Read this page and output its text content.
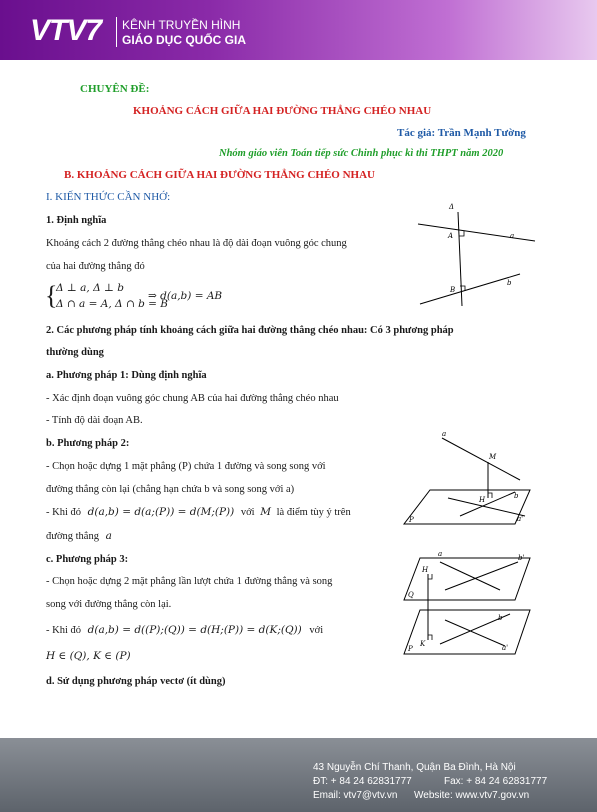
VTV7 KÊNH TRUYỀN HÌNH
GIÁO DỤC QUỐC GIA
CHUYÊN ĐỀ:
KHOẢNG CÁCH GIỮA HAI ĐƯỜNG THẲNG CHÉO NHAU
Tác giả: Trần Mạnh Tường
Nhóm giáo viên Toán tiếp sức Chinh phục kì thi THPT năm 2020
B. KHOẢNG CÁCH GIỮA HAI ĐƯỜNG THẲNG CHÉO NHAU
I. KIẾN THỨC CẦN NHỚ:
1. Định nghĩa
Khoảng cách 2 đường thẳng chéo nhau là độ dài đoạn vuông góc chung
của hai đường thẳng đó
{
Δ ⊥ a, Δ ⊥ b
Δ ∩ a = A, Δ ∩ b = B
⇒ d(a,b) = AB
2. Các phương pháp tính khoảng cách giữa hai đường thẳng chéo nhau: Có 3 phương pháp
thường dùng
a. Phương pháp 1: Dùng định nghĩa
- Xác định đoạn vuông góc chung AB của hai đường thẳng chéo nhau
- Tính độ dài đoạn AB.
b. Phương pháp 2:
- Chọn hoặc dựng 1 mặt phẳng (P) chứa 1 đường và song song với
đường thẳng còn lại (chẳng hạn chứa b và song song với a)
- Khi đó d(a,b) = d(a;(P)) = d(M;(P)) với M là điểm tùy ý trên
đường thẳng a
c. Phương pháp 3:
- Chọn hoặc dựng 2 mặt phẳng lần lượt chứa 1 đường thẳng và song
song với đường thẳng còn lại.
- Khi đó d(a,b) = d((P);(Q)) = d(H;(P)) = d(K;(Q)) với
H ∈ (Q), K ∈ (P)
d. Sử dụng phương pháp vectơ (ít dùng)
Δ
A	a
B
b
a
M
H	b
a'
P
a	b'
H
Q
b
K	a'
P
43 Nguyễn Chí Thanh, Quận Ba Đình, Hà Nội
ĐT: + 84 24 62831777	Fax: + 84 24 62831777
Email: vtv7@vtv.vn Website: www.vtv7.gov.vn
